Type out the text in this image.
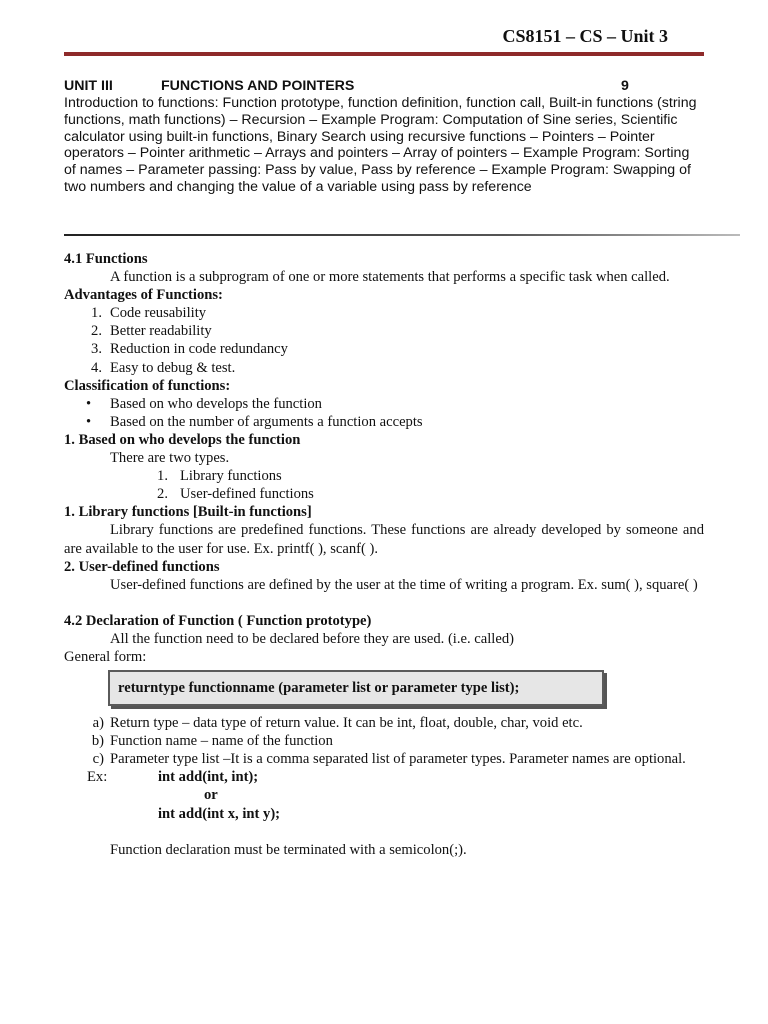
CS8151 – CS – Unit 3
UNIT III	FUNCTIONS AND POINTERS	9

Introduction to functions: Function prototype, function definition, function call, Built-in functions (string functions, math functions) – Recursion – Example Program: Computation of Sine series, Scientific calculator using built-in functions, Binary Search using recursive functions – Pointers – Pointer operators – Pointer arithmetic – Arrays and pointers – Array of pointers – Example Program: Sorting of names – Parameter passing: Pass by value, Pass by reference – Example Program: Swapping of two numbers and changing the value of a variable using pass by reference

4.1 Functions

A function is a subprogram of one or more statements that performs a specific task when called.

Advantages of Functions:

1. Code reusability
2. Better readability
3. Reduction in code redundancy
4. Easy to debug & test.

Classification of functions:

• Based on who develops the function
• Based on the number of arguments a function accepts

1. Based on who develops the function

There are two types.

1. Library functions
2. User-defined functions

1. Library functions [Built-in functions]

Library functions are predefined functions. These functions are already developed by someone and are available to the user for use. Ex. printf( ), scanf( ).

2. User-defined functions

User-defined functions are defined by the user at the time of writing a program. Ex. sum( ), square( )

4.2 Declaration of Function ( Function prototype)

All the function need to be declared before they are used. (i.e. called)

General form:

returntype functionname (parameter list or parameter type list);
a) Return type – data type of return value. It can be int, float, double, char, void etc.
b) Function name – name of the function
c) Parameter type list –It is a comma separated list of parameter types. Parameter names are optional.
Ex:	int add(int, int);
or
int add(int x, int y);

Function declaration must be terminated with a semicolon(;).
